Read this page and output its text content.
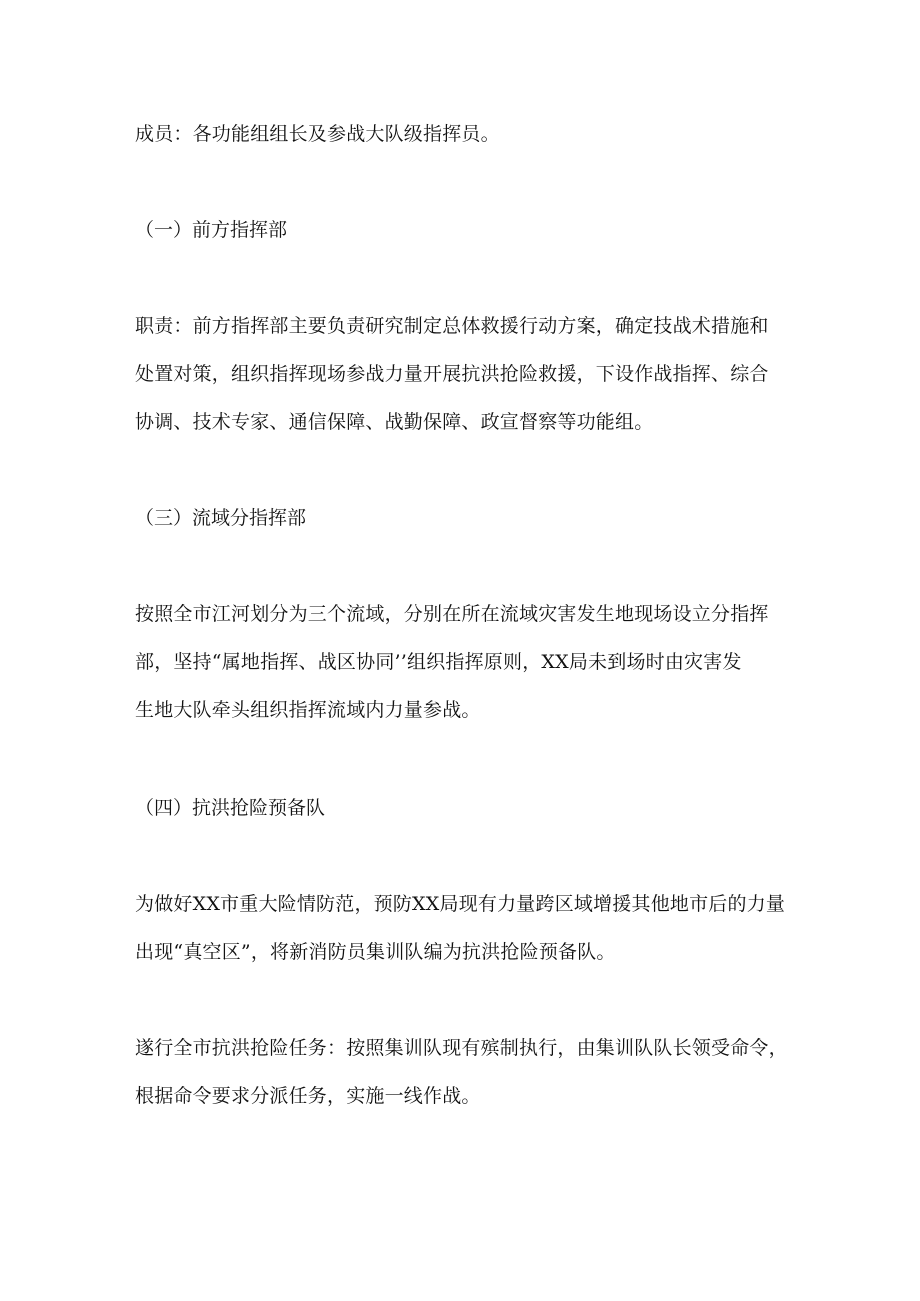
成员：各功能组组长及参战大队级指挥员。

（一）前方指挥部

职责：前方指挥部主要负责研究制定总体救援行动方案，确定技战术措施和
处置对策，组织指挥现场参战力量开展抗洪抢险救援，下设作战指挥、综合
协调、技术专家、通信保障、战勤保障、政宣督察等功能组。

（三）流域分指挥部

按照全市江河划分为三个流域，分别在所在流域灾害发生地现场设立分指挥
部，坚持“属地指挥、战区协同’’组织指挥原则，XX局未到场时由灾害发
生地大队牵头组织指挥流域内力量参战。

（四）抗洪抢险预备队

为做好XX市重大险情防范，预防XX局现有力量跨区域增援其他地市后的力量
出现“真空区”，将新消防员集训队编为抗洪抢险预备队。

遂行全市抗洪抢险任务：按照集训队现有殡制执行，由集训队队长领受命令，
根据命令要求分派任务，实施一线作战。
